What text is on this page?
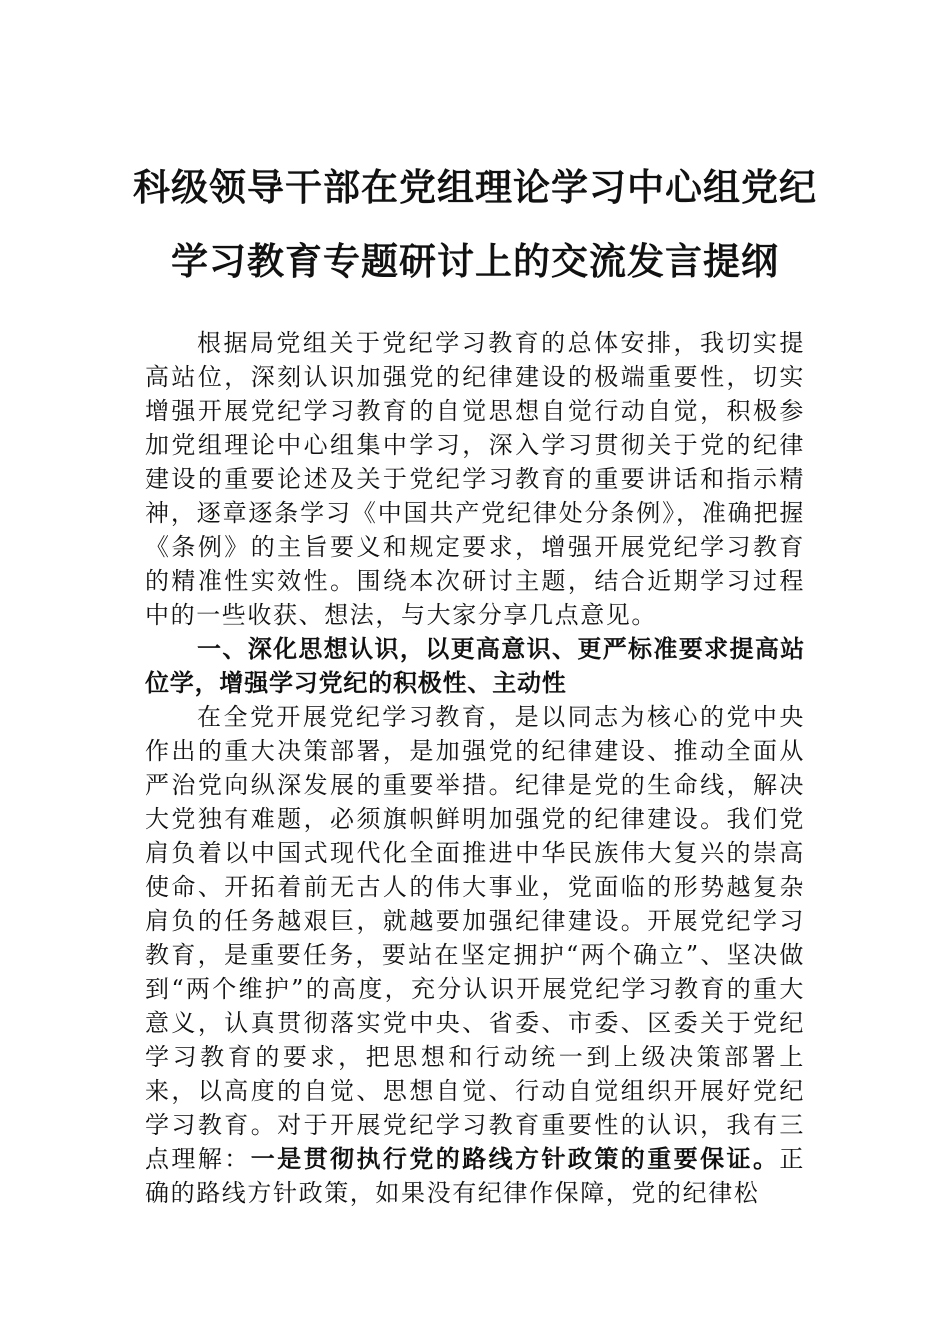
科级领导干部在党组理论学习中心组党纪
学习教育专题研讨上的交流发言提纲

根据局党组关于党纪学习教育的总体安排，我切实提高站位，深刻认识加强党的纪律建设的极端重要性，切实增强开展党纪学习教育的自觉思想自觉行动自觉，积极参加党组理论中心组集中学习，深入学习贯彻关于党的纪律建设的重要论述及关于党纪学习教育的重要讲话和指示精神，逐章逐条学习《中国共产党纪律处分条例》，准确把握《条例》的主旨要义和规定要求，增强开展党纪学习教育的精准性实效性。围绕本次研讨主题，结合近期学习过程中的一些收获、想法，与大家分享几点意见。

一、深化思想认识，以更高意识、更严标准要求提高站位学，增强学习党纪的积极性、主动性

在全党开展党纪学习教育，是以同志为核心的党中央作出的重大决策部署，是加强党的纪律建设、推动全面从严治党向纵深发展的重要举措。纪律是党的生命线，解决大党独有难题，必须旗帜鲜明加强党的纪律建设。我们党肩负着以中国式现代化全面推进中华民族伟大复兴的崇高使命、开拓着前无古人的伟大事业，党面临的形势越复杂肩负的任务越艰巨，就越要加强纪律建设。开展党纪学习教育，是重要任务，要站在坚定拥护“两个确立”、坚决做到“两个维护”的高度，充分认识开展党纪学习教育的重大意义，认真贯彻落实党中央、省委、市委、区委关于党纪学习教育的要求，把思想和行动统一到上级决策部署上来，以高度的自觉、思想自觉、行动自觉组织开展好党纪学习教育。对于开展党纪学习教育重要性的认识，我有三点理解：一是贯彻执行党的路线方针政策的重要保证。正确的路线方针政策，如果没有纪律作保障，党的纪律松
